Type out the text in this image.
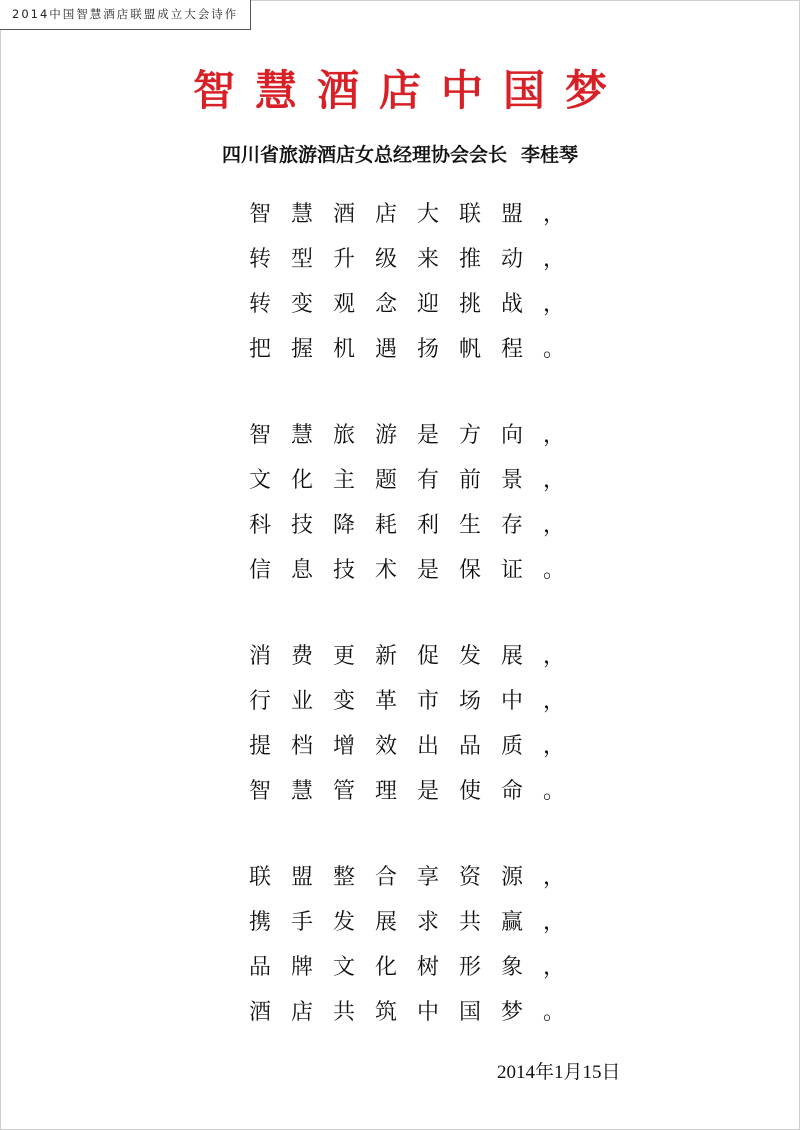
2014中国智慧酒店联盟成立大会诗作
智慧酒店中国梦
四川省旅游酒店女总经理协会会长 李桂琴
智慧酒店大联盟，
转型升级来推动，
转变观念迎挑战，
把握机遇扬帆程。
智慧旅游是方向，
文化主题有前景，
科技降耗利生存，
信息技术是保证。
消费更新促发展，
行业变革市场中，
提档增效出品质，
智慧管理是使命。
联盟整合享资源，
携手发展求共赢，
品牌文化树形象，
酒店共筑中国梦。
2014年1月15日
